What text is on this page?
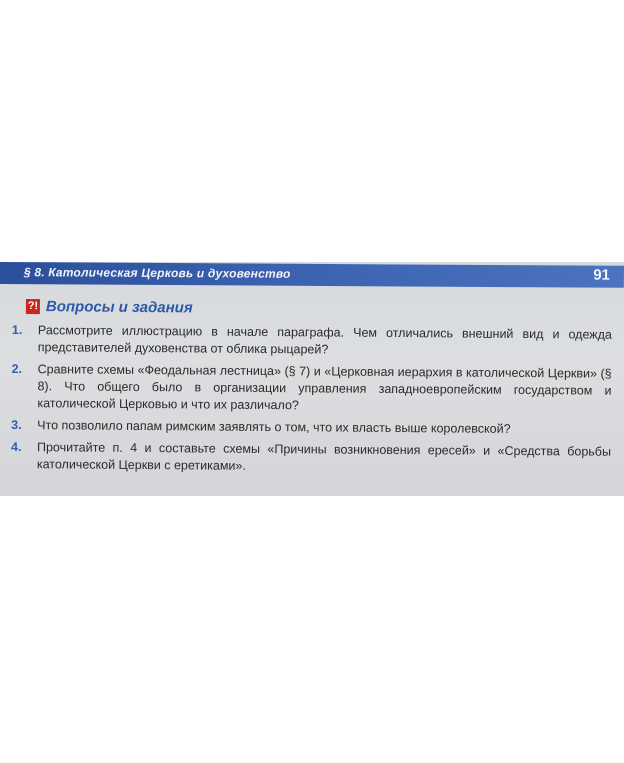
§ 8. Католическая Церковь и духовенство	91
?! Вопросы и задания
1.	Рассмотрите иллюстрацию в начале параграфа. Чем отличались внешний вид и одежда представителей духовенства от облика рыцарей?
2.	Сравните схемы «Феодальная лестница» (§ 7) и «Церковная иерархия в католической Церкви» (§ 8). Что общего было в организации управления западноевропейским государством и католической Церковью и что их различало?
3.	Что позволило папам римским заявлять о том, что их власть выше королевской?
4.	Прочитайте п. 4 и составьте схемы «Причины возникновения ересей» и «Средства борьбы католической Церкви с еретиками».
